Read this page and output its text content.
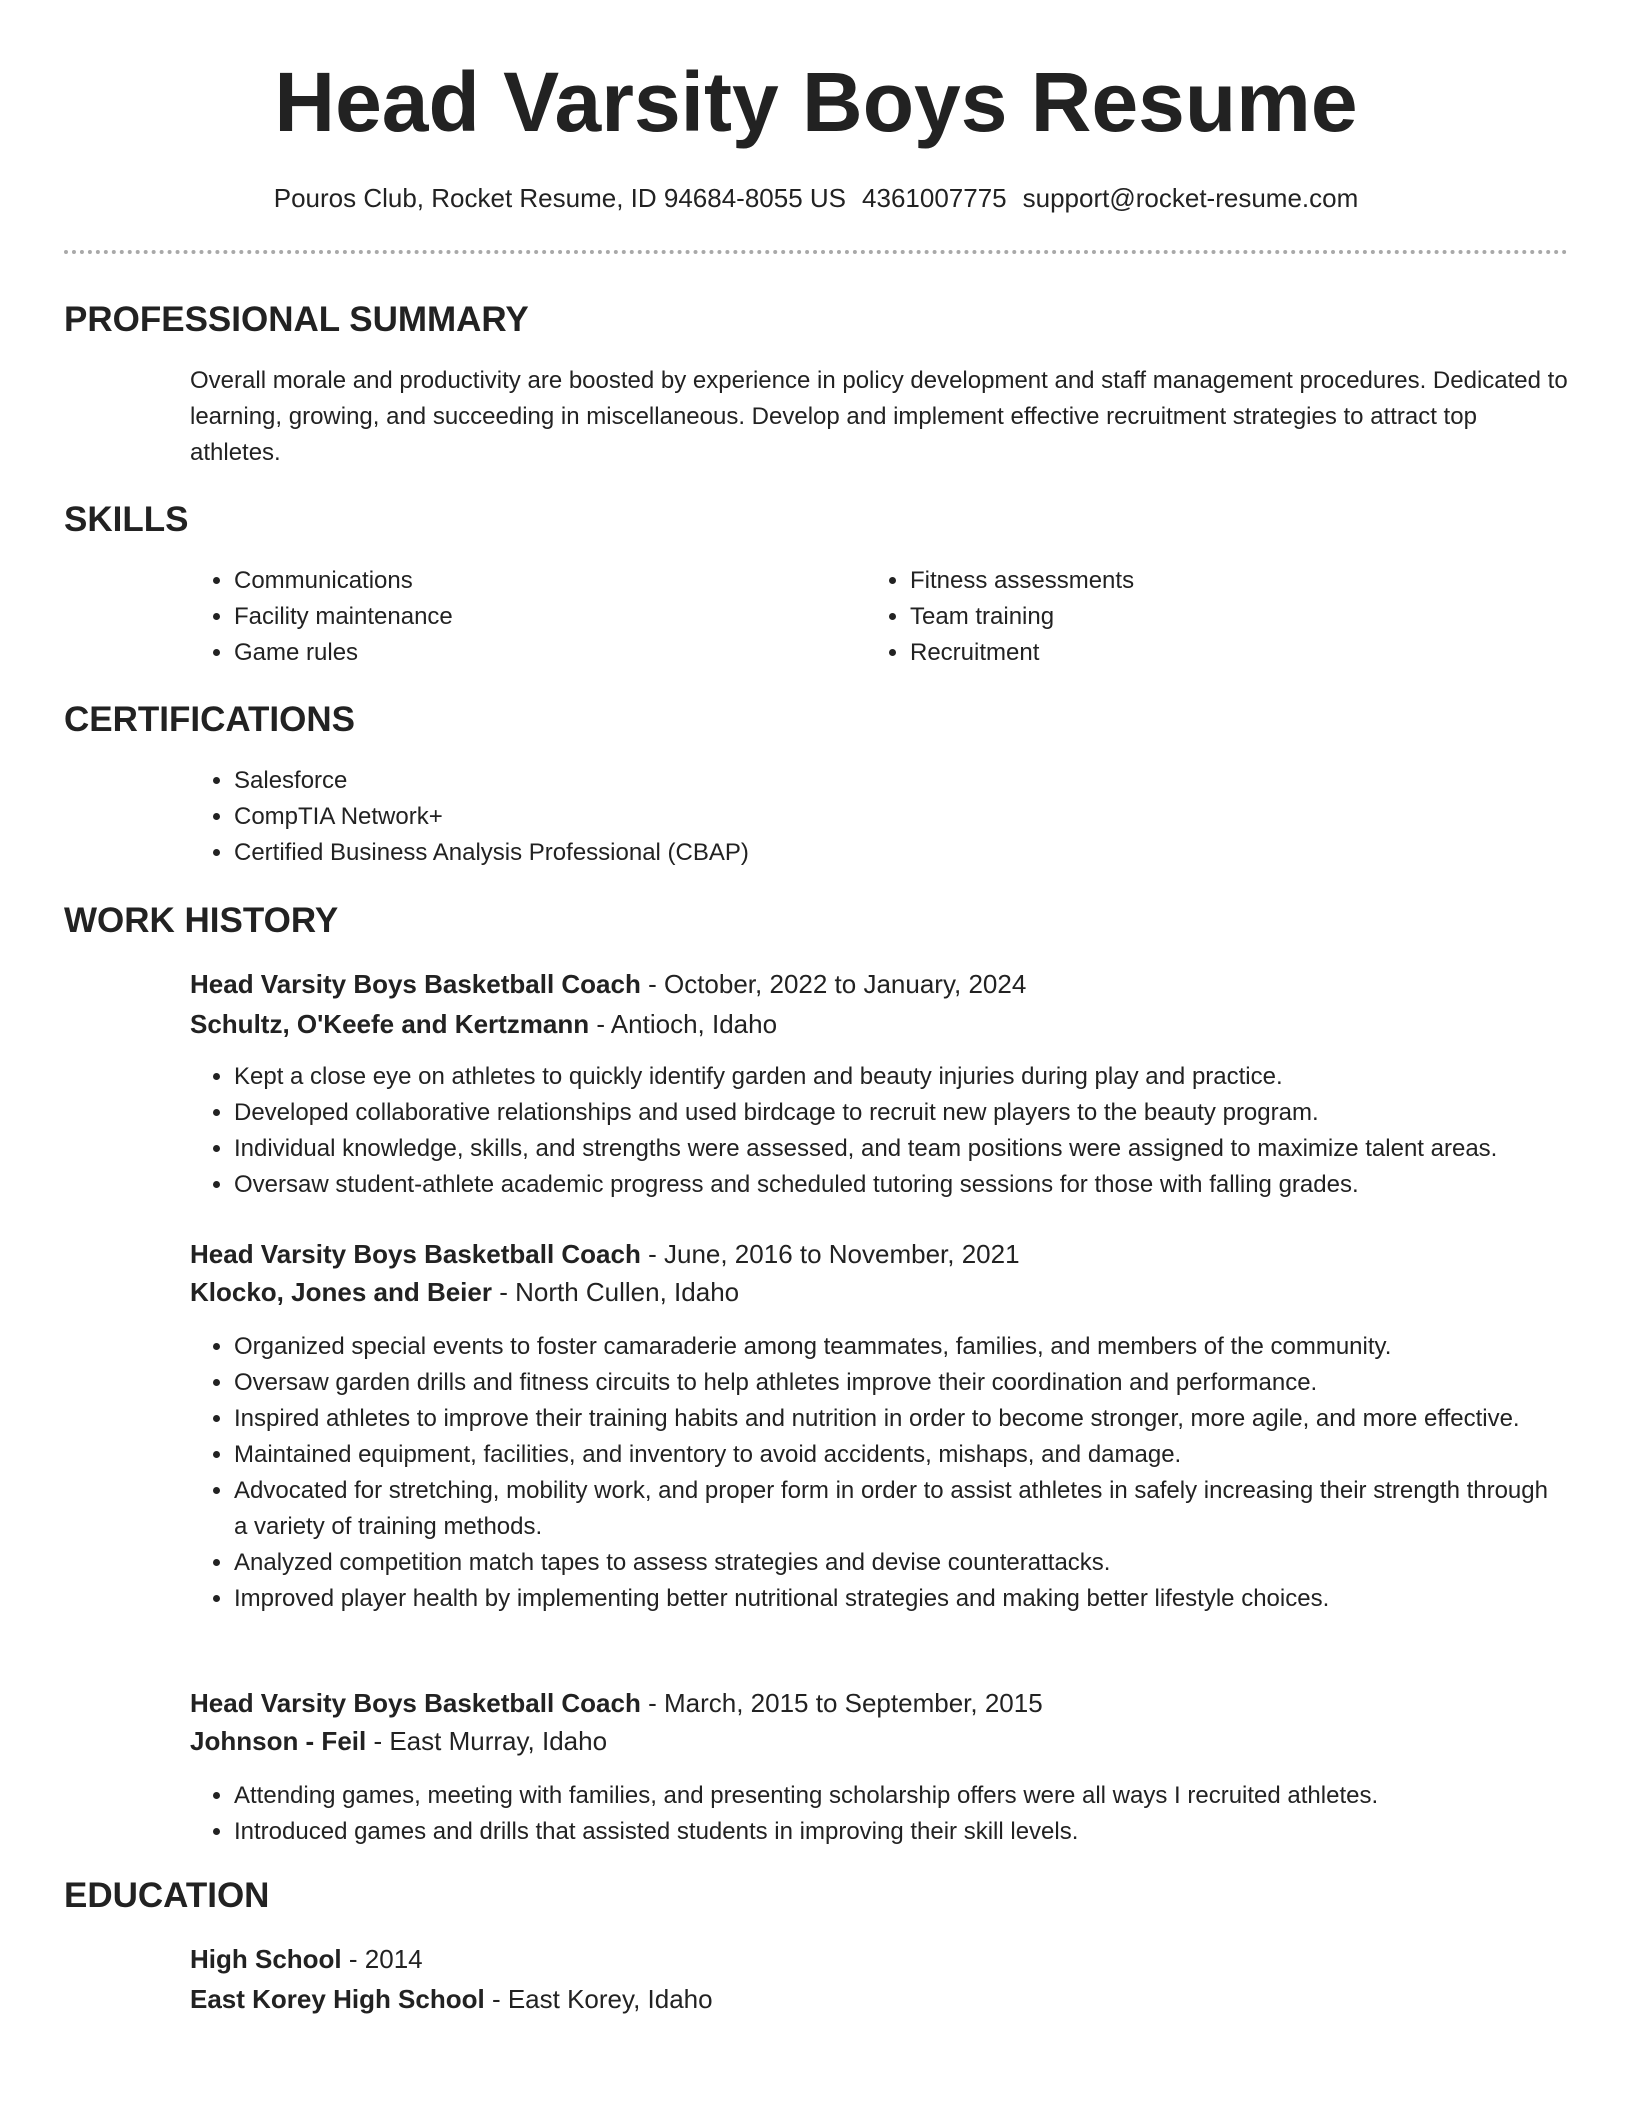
Head Varsity Boys Resume
Pouros Club, Rocket Resume, ID 94684-8055 US 4361007775 support@rocket-resume.com
PROFESSIONAL SUMMARY

Overall morale and productivity are boosted by experience in policy development and staff management procedures. Dedicated to learning, growing, and succeeding in miscellaneous. Develop and implement effective recruitment strategies to attract top athletes.

SKILLS
• Communications
• Facility maintenance
• Game rules
• Fitness assessments
• Team training
• Recruitment
CERTIFICATIONS
• Salesforce
• CompTIA Network+
• Certified Business Analysis Professional (CBAP)
WORK HISTORY
Head Varsity Boys Basketball Coach - October, 2022 to January, 2024
Schultz, O'Keefe and Kertzmann - Antioch, Idaho
• Kept a close eye on athletes to quickly identify garden and beauty injuries during play and practice.
• Developed collaborative relationships and used birdcage to recruit new players to the beauty program.
• Individual knowledge, skills, and strengths were assessed, and team positions were assigned to maximize talent areas.
• Oversaw student-athlete academic progress and scheduled tutoring sessions for those with falling grades.
Head Varsity Boys Basketball Coach - June, 2016 to November, 2021
Klocko, Jones and Beier - North Cullen, Idaho
• Organized special events to foster camaraderie among teammates, families, and members of the community.
• Oversaw garden drills and fitness circuits to help athletes improve their coordination and performance.
• Inspired athletes to improve their training habits and nutrition in order to become stronger, more agile, and more effective.
• Maintained equipment, facilities, and inventory to avoid accidents, mishaps, and damage.
• Advocated for stretching, mobility work, and proper form in order to assist athletes in safely increasing their strength through a variety of training methods.
• Analyzed competition match tapes to assess strategies and devise counterattacks.
• Improved player health by implementing better nutritional strategies and making better lifestyle choices.
Head Varsity Boys Basketball Coach - March, 2015 to September, 2015
Johnson - Feil - East Murray, Idaho
• Attending games, meeting with families, and presenting scholarship offers were all ways I recruited athletes.
• Introduced games and drills that assisted students in improving their skill levels.
EDUCATION
High School - 2014
East Korey High School - East Korey, Idaho
